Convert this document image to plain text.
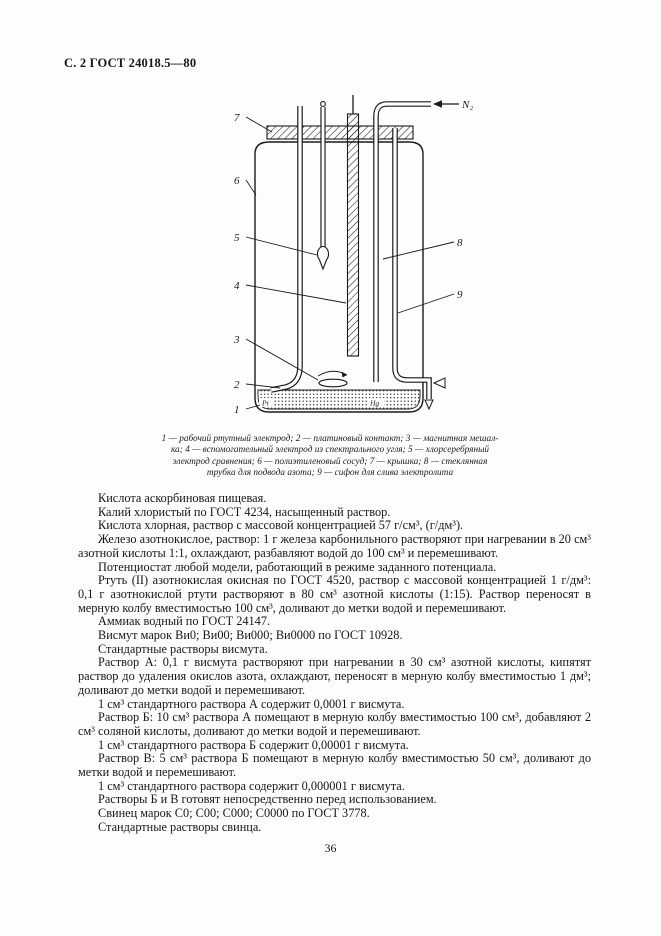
С. 2 ГОСТ 24018.5—80
N₂
Pt	Hg
7
6
5
4
3
2
1
8
9
1 — рабочий ртутный электрод; 2 — платиновый контакт; 3 — магнитная мешал-
ка; 4 — вспомогательный электрод из спектрального угля; 5 — хлорсеребряный
электрод сравнения; 6 — полиэтиленовый сосуд; 7 — крышка; 8 — стеклянная
трубка для подвода азота; 9 — сифон для слива электролита

Кислота аскорбиновая пищевая.

Калий хлористый по ГОСТ 4234, насыщенный раствор.

Кислота хлорная, раствор с массовой концентрацией 57 г/см³, (г/дм³).

Железо азотнокислое, раствор: 1 г железа карбонильного растворяют при нагревании в 20 см³ азотной кислоты 1:1, охлаждают, разбавляют водой до 100 см³ и перемешивают.

Потенциостат любой модели, работающий в режиме заданного потенциала.

Ртуть (II) азотнокислая окисная по ГОСТ 4520, раствор с массовой концентрацией 1 г/дм³: 0,1 г азотнокислой ртути растворяют в 80 см³ азотной кислоты (1:15). Раствор переносят в мерную колбу вместимостью 100 см³, доливают до метки водой и перемешивают.

Аммиак водный по ГОСТ 24147.

Висмут марок Ви0; Ви00; Ви000; Ви0000 по ГОСТ 10928.

Стандартные растворы висмута.

Раствор А: 0,1 г висмута растворяют при нагревании в 30 см³ азотной кислоты, кипятят раствор до удаления окислов азота, охлаждают, переносят в мерную колбу вместимостью 1 дм³; доливают до метки водой и перемешивают.

1 см³ стандартного раствора А содержит 0,0001 г висмута.

Раствор Б: 10 см³ раствора А помещают в мерную колбу вместимостью 100 см³, добавляют 2 см³ соляной кислоты, доливают до метки водой и перемешивают.

1 см³ стандартного раствора Б содержит 0,00001 г висмута.

Раствор В: 5 см³ раствора Б помещают в мерную колбу вместимостью 50 см³, доливают до метки водой и перемешивают.

1 см³ стандартного раствора содержит 0,000001 г висмута.

Растворы Б и В готовят непосредственно перед использованием.

Свинец марок С0; С00; С000; С0000 по ГОСТ 3778.

Стандартные растворы свинца.

36
